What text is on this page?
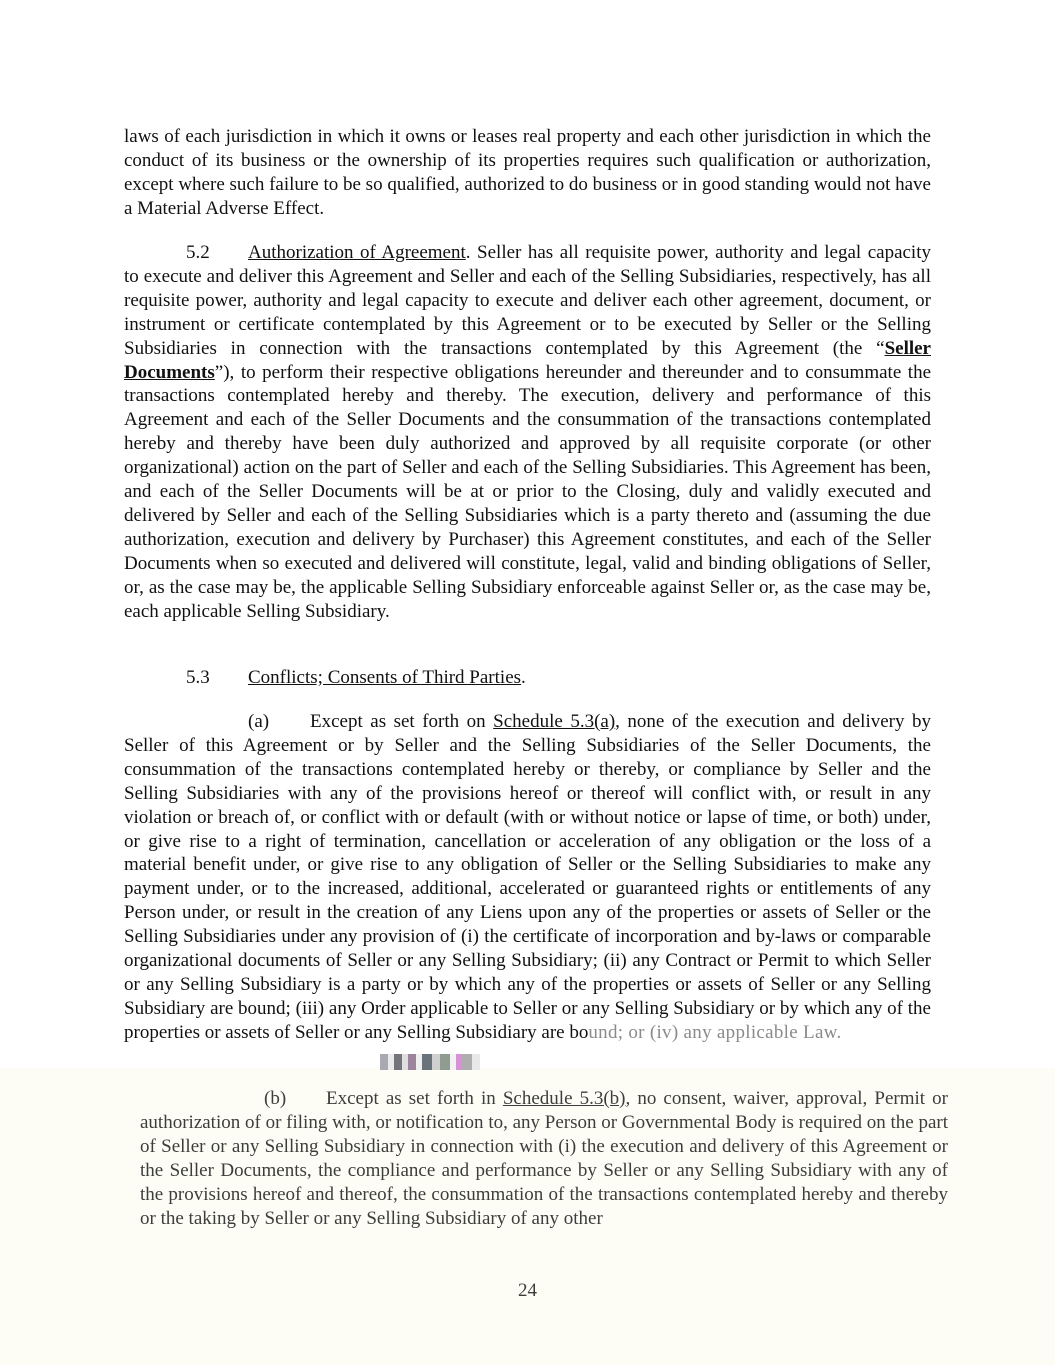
laws of each jurisdiction in which it owns or leases real property and each other jurisdiction in which the conduct of its business or the ownership of its properties requires such qualification or authorization, except where such failure to be so qualified, authorized to do business or in good standing would not have a Material Adverse Effect.

5.2 Authorization of Agreement. Seller has all requisite power, authority and legal capacity to execute and deliver this Agreement and Seller and each of the Selling Subsidiaries, respectively, has all requisite power, authority and legal capacity to execute and deliver each other agreement, document, or instrument or certificate contemplated by this Agreement or to be executed by Seller or the Selling Subsidiaries in connection with the transactions contemplated by this Agreement (the “Seller Documents”), to perform their respective obligations hereunder and thereunder and to consummate the transactions contemplated hereby and thereby. The execution, delivery and performance of this Agreement and each of the Seller Documents and the consummation of the transactions contemplated hereby and thereby have been duly authorized and approved by all requisite corporate (or other organizational) action on the part of Seller and each of the Selling Subsidiaries. This Agreement has been, and each of the Seller Documents will be at or prior to the Closing, duly and validly executed and delivered by Seller and each of the Selling Subsidiaries which is a party thereto and (assuming the due authorization, execution and delivery by Purchaser) this Agreement constitutes, and each of the Seller Documents when so executed and delivered will constitute, legal, valid and binding obligations of Seller, or, as the case may be, the applicable Selling Subsidiary enforceable against Seller or, as the case may be, each applicable Selling Subsidiary.

5.3 Conflicts; Consents of Third Parties.

(a) Except as set forth on Schedule 5.3(a), none of the execution and delivery by Seller of this Agreement or by Seller and the Selling Subsidiaries of the Seller Documents, the consummation of the transactions contemplated hereby or thereby, or compliance by Seller and the Selling Subsidiaries with any of the provisions hereof or thereof will conflict with, or result in any violation or breach of, or conflict with or default (with or without notice or lapse of time, or both) under, or give rise to a right of termination, cancellation or acceleration of any obligation or the loss of a material benefit under, or give rise to any obligation of Seller or the Selling Subsidiaries to make any payment under, or to the increased, additional, accelerated or guaranteed rights or entitlements of any Person under, or result in the creation of any Liens upon any of the properties or assets of Seller or the Selling Subsidiaries under any provision of (i) the certificate of incorporation and by-laws or comparable organizational documents of Seller or any Selling Subsidiary; (ii) any Contract or Permit to which Seller or any Selling Subsidiary is a party or by which any of the properties or assets of Seller or any Selling Subsidiary are bound; (iii) any Order applicable to Seller or any Selling Subsidiary or by which any of the properties or assets of Seller or any Selling Subsidiary are bound; or (iv) any applicable Law.

(b) Except as set forth in Schedule 5.3(b), no consent, waiver, approval, Permit or authorization of or filing with, or notification to, any Person or Governmental Body is required on the part of Seller or any Selling Subsidiary in connection with (i) the execution and delivery of this Agreement or the Seller Documents, the compliance and performance by Seller or any Selling Subsidiary with any of the provisions hereof and thereof, the consummation of the transactions contemplated hereby and thereby or the taking by Seller or any Selling Subsidiary of any other

24
